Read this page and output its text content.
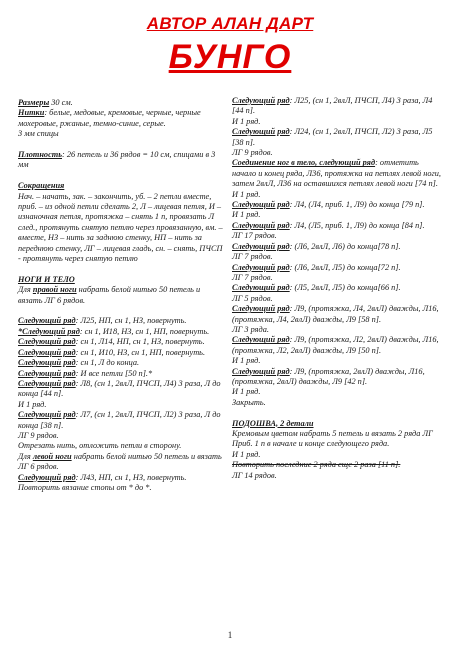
АВТОР АЛАН ДАРТ
БУНГО

Размеры 30 см.

Нитки: белые, медовые, кремовые, черные, черные мохеровые, ржаные, темно-синие, серые.

3 мм спицы

Плотность: 26 петель и 36 рядов = 10 см, спицами в 3 мм

Сокращения

Нач. – начать, зак. – закончить, уб. – 2 петли вместе, приб. – из одной петли сделать 2, Л – лицевая петля, И – изнаночная петля, протяжка – снять 1 п, провязать Л след., протянуть снятую петлю через провязанную, вм. – вместе, НЗ – нить за заднюю стенку, НП – нить за переднюю стенку, ЛГ – лицевая гладь, сн. – снять, ПЧСП - протянуть через снятую петлю

НОГИ И ТЕЛО

Для правой ноги набрать белой нитью 50 петель и вязать ЛГ 6 рядов.

Следующий ряд: Л25, НП, сн 1, НЗ, повернуть.

*Следующий ряд: сн 1, И18, НЗ, сн 1, НП, повернуть.

Следующий ряд: сн 1, Л14, НП, сн 1, НЗ, повернуть.

Следующий ряд: сн 1, И10, НЗ, сн 1, НП, повернуть.

Следующий ряд: сн 1, Л до конца.

Следующий ряд: И все петли [50 п].*

Следующий ряд: Л8, (сн 1, 2влЛ, ПЧСП, Л4) 3 раза, Л до конца [44 п].

И 1 ряд.

Следующий ряд: Л7, (сн 1, 2влЛ, ПЧСП, Л2) 3 раза, Л до конца [38 п].

ЛГ 9 рядов.

Отрезать нить, отложить петли в сторону.

Для левой ноги набрать белой нитью 50 петель и вязать ЛГ 6 рядов.

Следующий ряд: Л43, НП, сн 1, НЗ, повернуть.

Повторить вязание стопы от * до *.

Следующий ряд: Л25, (сн 1, 2влЛ, ПЧСП, Л4) 3 раза, Л4 [44 п].

И 1 ряд.

Следующий ряд: Л24, (сн 1, 2влЛ, ПЧСП, Л2) 3 раза, Л5 [38 п].

ЛГ 9 рядов.

Соединение ног в тело, следующий ряд: отметить начало и конец ряда, Л36, протяжка на петлях левой ноги, затем 2влЛ, Л36 на оставшихся петлях левой ноги [74 п].

И 1 ряд.

Следующий ряд: Л4, (Л4, приб. 1, Л9) до конца [79 п].

И 1 ряд.

Следующий ряд: Л4, (Л5, приб. 1, Л9) до конца [84 п].

ЛГ 17 рядов.

Следующий ряд: (Л6, 2влЛ, Л6) до конца[78 п].

ЛГ 7 рядов.

Следующий ряд: (Л6, 2влЛ, Л5) до конца[72 п].

ЛГ 7 рядов.

Следующий ряд: (Л5, 2влЛ, Л5) до конца[66 п].

ЛГ 5 рядов.

Следующий ряд: Л9, (протяжка, Л4, 2влЛ) дважды, Л16, (протяжка, Л4, 2влЛ) дважды, Л9 [58 п].

ЛГ 3 ряда.

Следующий ряд: Л9, (протяжка, Л2, 2влЛ) дважды, Л16, (протяжка, Л2, 2влЛ) дважды, Л9 [50 п].

И 1 ряд.

Следующий ряд: Л9, (протяжка, 2влЛ) дважды, Л16, (протяжка, 2влЛ) дважды, Л9 [42 п].

И 1 ряд.

Закрыть.

ПОДОШВА, 2 детали

Кремовым цветом набрать 5 петель и вязать 2 ряда ЛГ

Приб. 1 п в начале и конце следующего ряда.

И 1 ряд.

Повторить последние 2 ряда еще 2 раза [11 п].

ЛГ 14 рядов.

1
